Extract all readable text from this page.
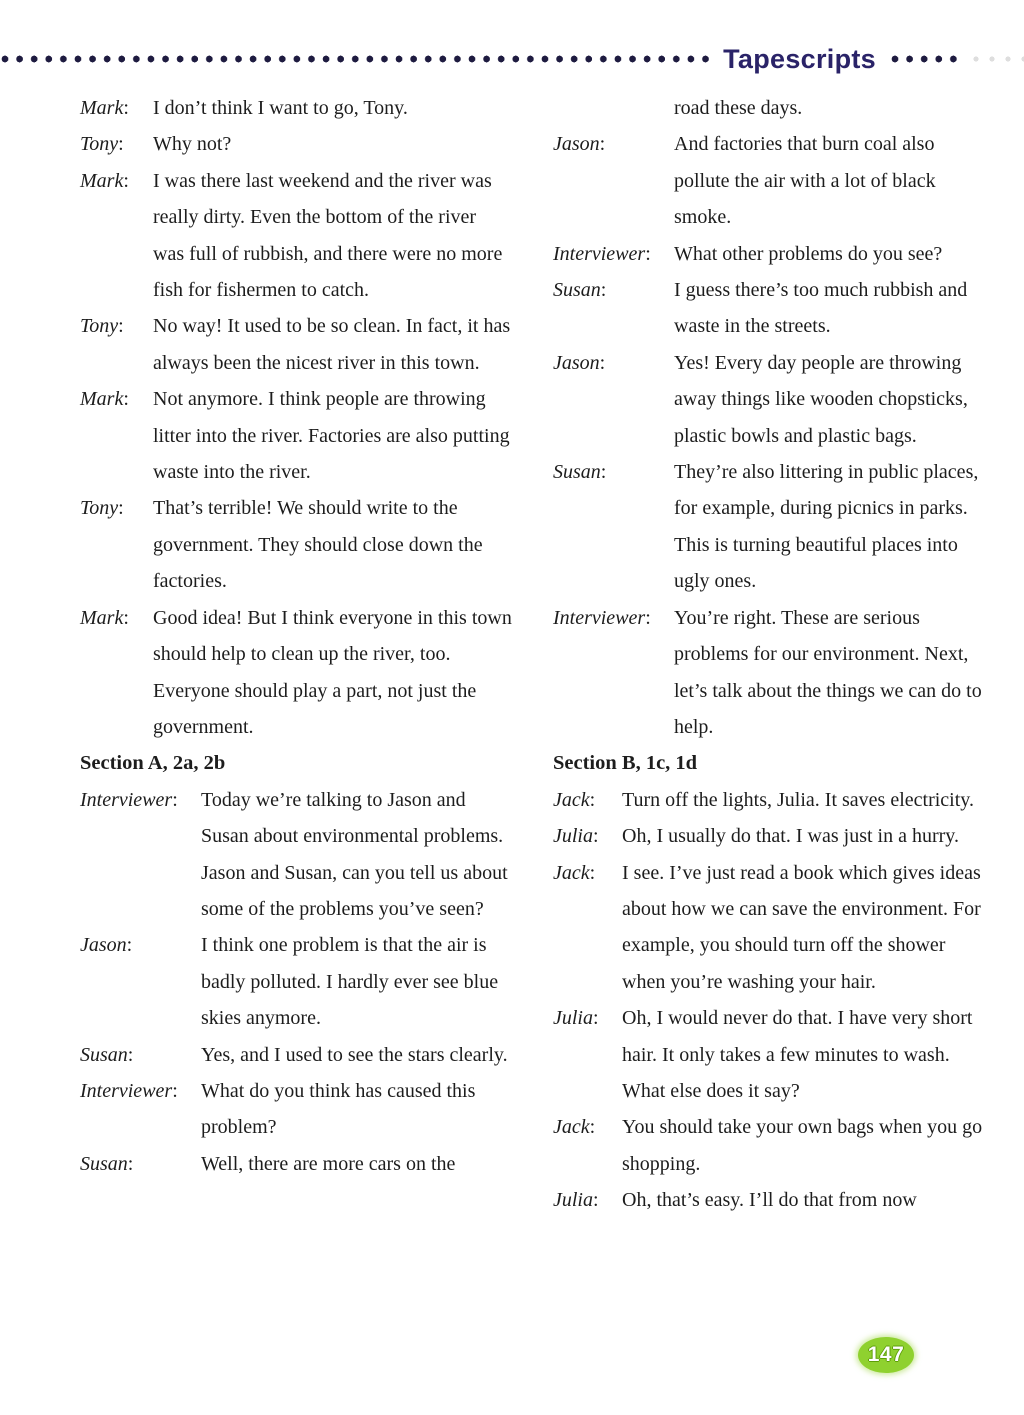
Tapescripts
Mark:	I don’t think I want to go, Tony.
Tony:	Why not?
Mark:	I was there last weekend and the river was really dirty. Even the bottom of the river was full of rubbish, and there were no more fish for fishermen to catch.
Tony:	No way! It used to be so clean. In fact, it has always been the nicest river in this town.
Mark:	Not anymore. I think people are throwing litter into the river. Factories are also putting waste into the river.
Tony:	That’s terrible! We should write to the government. They should close down the factories.
Mark:	Good idea! But I think everyone in this town should help to clean up the river, too. Everyone should play a part, not just the government.
Section A, 2a, 2b
Interviewer:	Today we’re talking to Jason and Susan about environmental problems. Jason and Susan, can you tell us about some of the problems you’ve seen?
Jason:	I think one problem is that the air is badly polluted. I hardly ever see blue skies anymore.
Susan:	Yes, and I used to see the stars clearly.
Interviewer:	What do you think has caused this problem?
Susan:	Well, there are more cars on the
road these days.
Jason:	And factories that burn coal also pollute the air with a lot of black smoke.
Interviewer:	What other problems do you see?
Susan:	I guess there’s too much rubbish and waste in the streets.
Jason:	Yes! Every day people are throwing away things like wooden chopsticks, plastic bowls and plastic bags.
Susan:	They’re also littering in public places, for example, during picnics in parks. This is turning beautiful places into ugly ones.
Interviewer:	You’re right. These are serious problems for our environment. Next, let’s talk about the things we can do to help.
Section B, 1c, 1d
Jack:	Turn off the lights, Julia. It saves electricity.
Julia:	Oh, I usually do that. I was just in a hurry.
Jack:	I see. I’ve just read a book which gives ideas about how we can save the environment. For example, you should turn off the shower when you’re washing your hair.
Julia:	Oh, I would never do that. I have very short hair. It only takes a few minutes to wash. What else does it say?
Jack:	You should take your own bags when you go shopping.
Julia:	Oh, that’s easy. I’ll do that from now
147
